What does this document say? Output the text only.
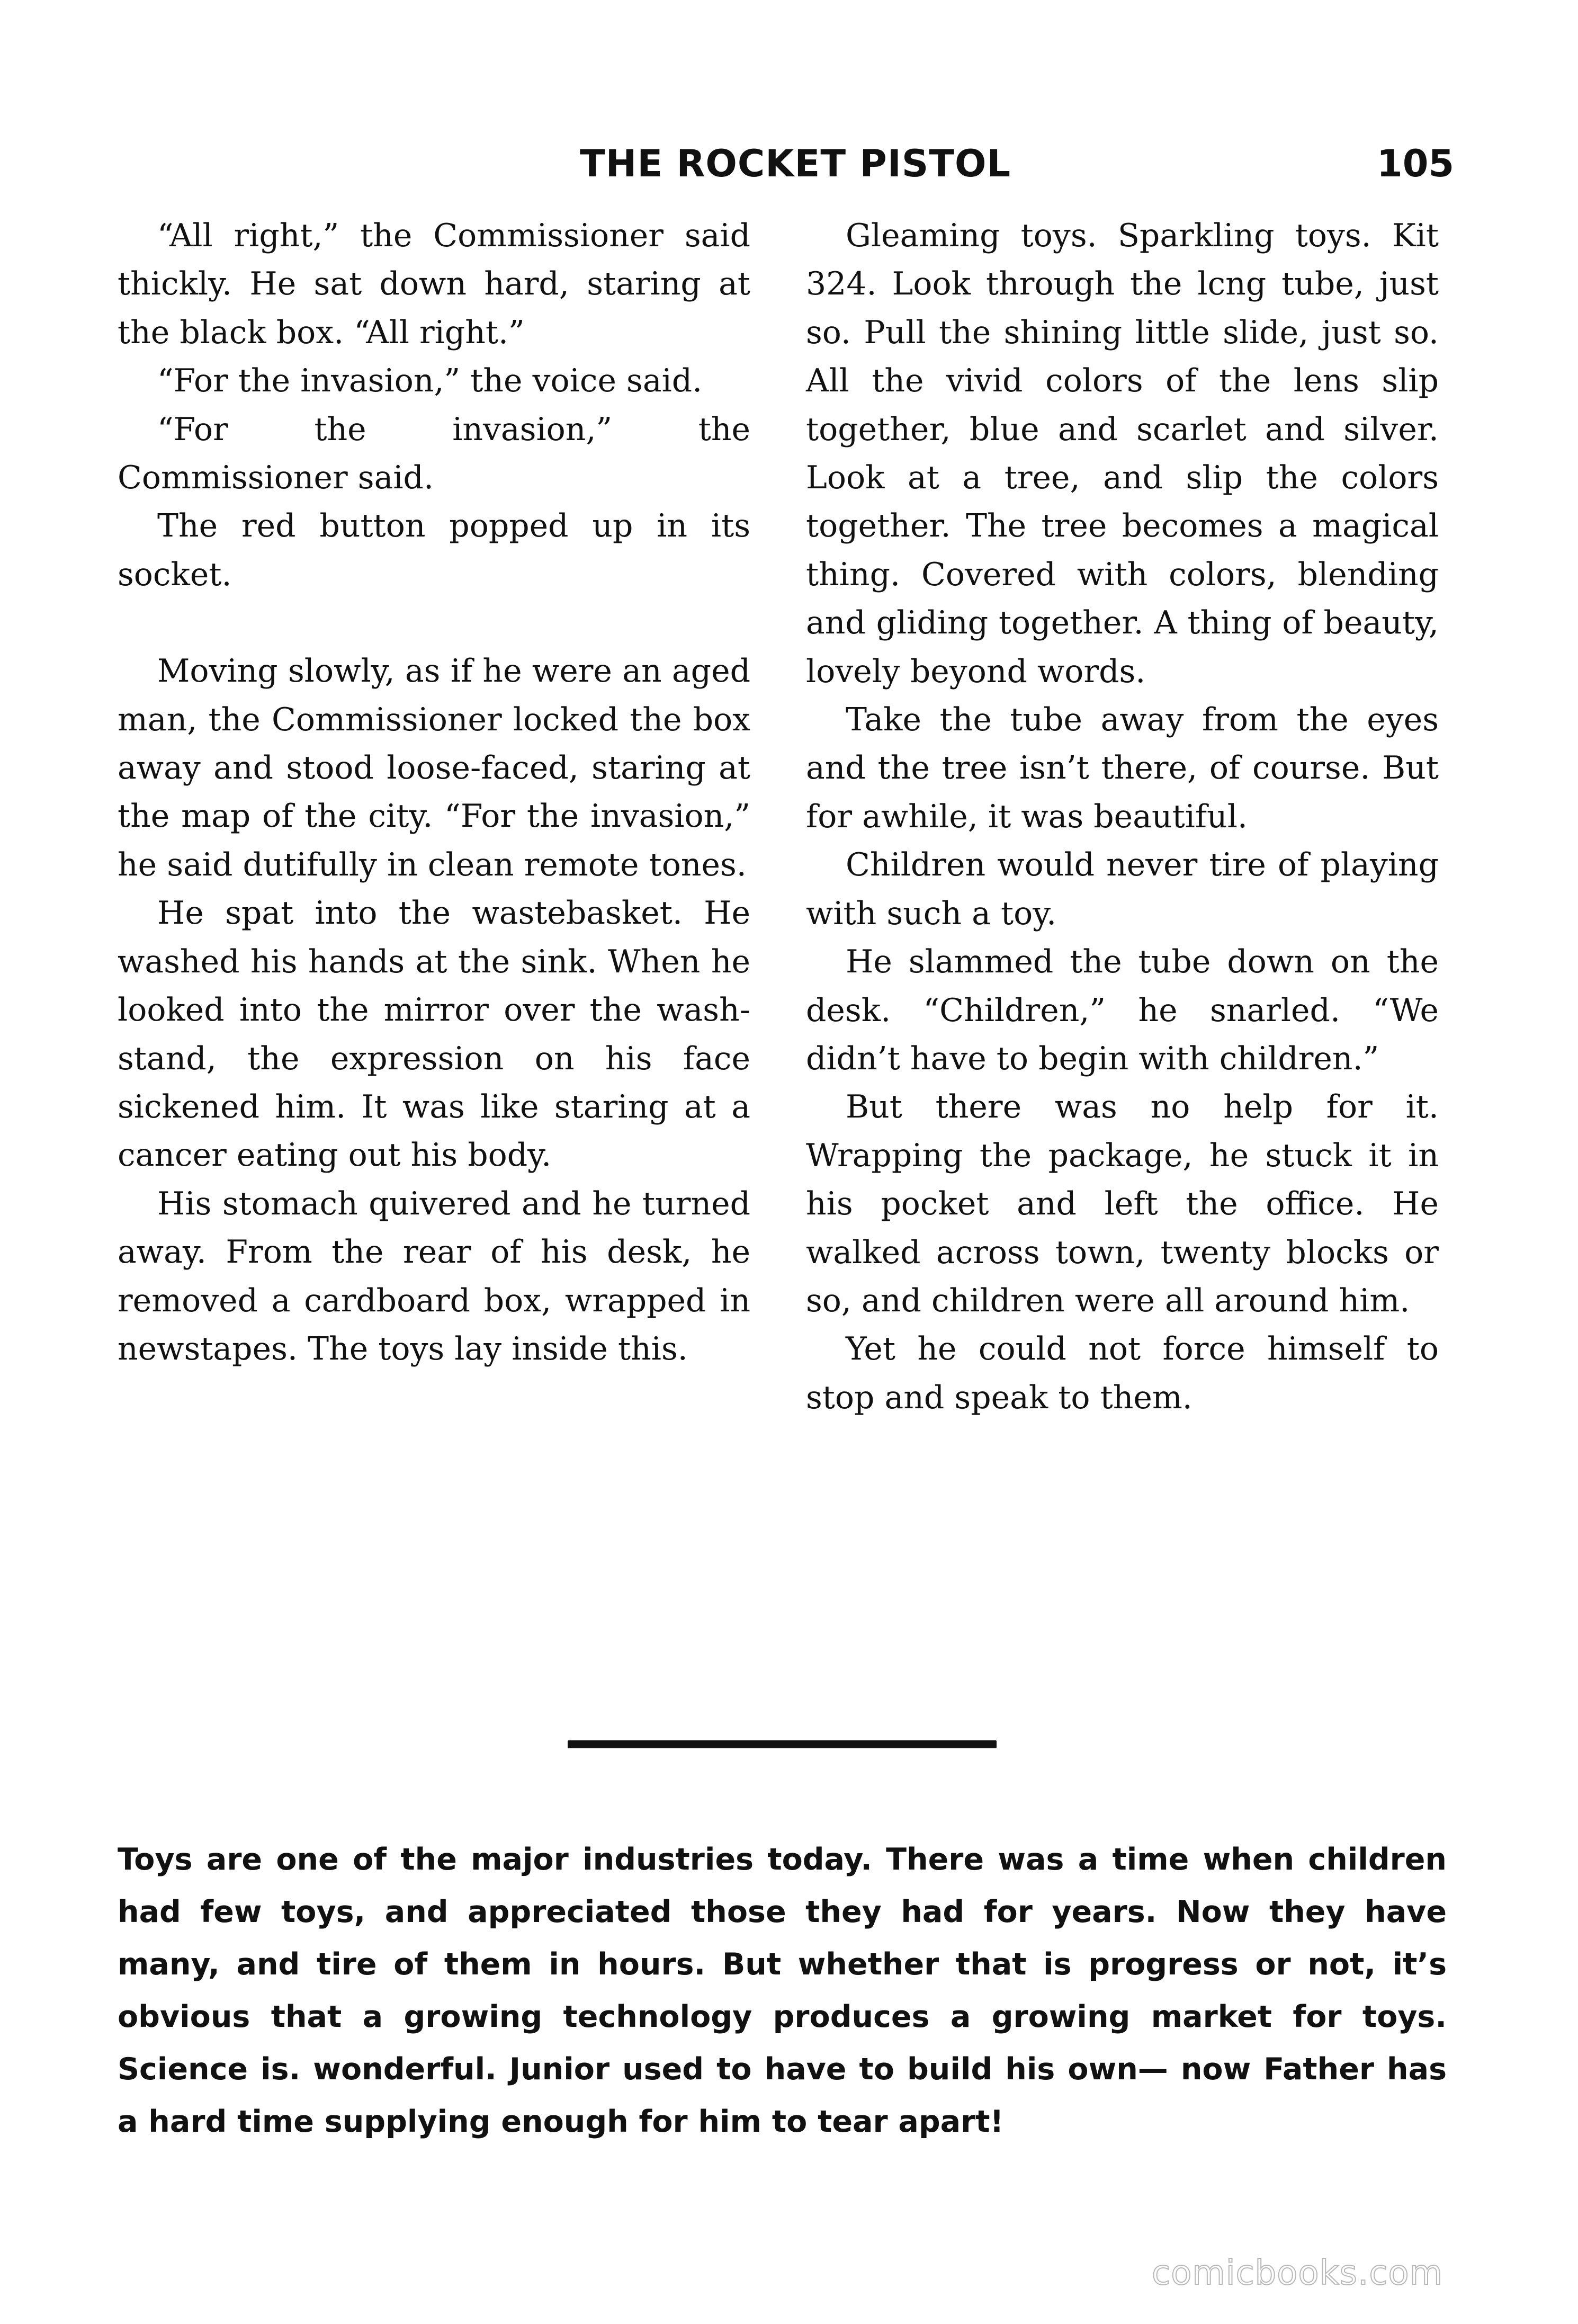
THE ROCKET PISTOL	105

“All right,” the Commissioner said thickly. He sat down hard, staring at the black box. “All right.”

“For the invasion,” the voice said.

“For the invasion,” the Commissioner said.

The red button popped up in its socket.

Moving slowly, as if he were an aged man, the Commissioner locked the box away and stood loose-faced, staring at the map of the city. “For the invasion,” he said dutifully in clean remote tones.

He spat into the wastebasket. He washed his hands at the sink. When he looked into the mirror over the wash-stand, the expression on his face sickened him. It was like staring at a cancer eating out his body.

His stomach quivered and he turned away. From the rear of his desk, he removed a cardboard box, wrapped in newstapes. The toys lay inside this.

Gleaming toys. Sparkling toys. Kit 324. Look through the lcng tube, just so. Pull the shining little slide, just so. All the vivid colors of the lens slip together, blue and scarlet and silver. Look at a tree, and slip the colors together. The tree becomes a magical thing. Covered with colors, blending and gliding together. A thing of beauty, lovely beyond words.

Take the tube away from the eyes and the tree isn’t there, of course. But for awhile, it was beautiful.

Children would never tire of playing with such a toy.

He slammed the tube down on the desk. “Children,” he snarled. “We didn’t have to begin with children.”

But there was no help for it. Wrapping the package, he stuck it in his pocket and left the office. He walked across town, twenty blocks or so, and children were all around him.

Yet he could not force himself to stop and speak to them.

Toys are one of the major industries today. There was a time when children had few toys, and appreciated those they had for years. Now they have many, and tire of them in hours. But whether that is progress or not, it’s obvious that a growing technology produces a growing market for toys. Science is. wonderful. Junior used to have to build his own— now Father has a hard time supplying enough for him to tear apart!
comicbooks.com
